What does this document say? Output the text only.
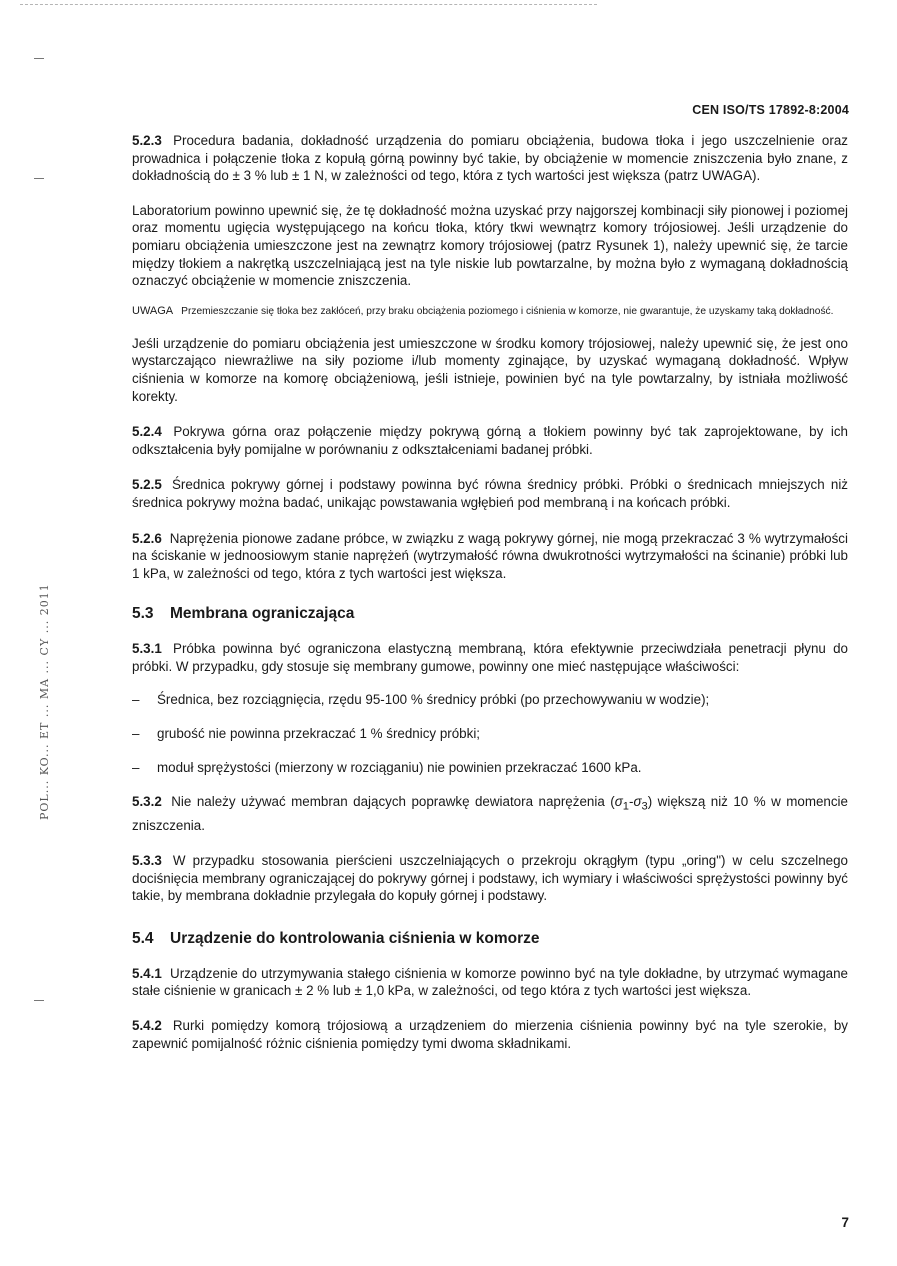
POL... KO... ET ... MA ... CY ... 2011
CEN ISO/TS 17892-8:2004

5.2.3 Procedura badania, dokładność urządzenia do pomiaru obciążenia, budowa tłoka i jego uszczelnienie oraz prowadnica i połączenie tłoka z kopułą górną powinny być takie, by obciążenie w momencie zniszczenia było znane, z dokładnością do ± 3 % lub ± 1 N, w zależności od tego, która z tych wartości jest większa (patrz UWAGA).

Laboratorium powinno upewnić się, że tę dokładność można uzyskać przy najgorszej kombinacji siły pionowej i poziomej oraz momentu ugięcia występującego na końcu tłoka, który tkwi wewnątrz komory trójosiowej. Jeśli urządzenie do pomiaru obciążenia umieszczone jest na zewnątrz komory trójosiowej (patrz Rysunek 1), należy upewnić się, że tarcie między tłokiem a nakrętką uszczelniającą jest na tyle niskie lub powtarzalne, by można było z wymaganą dokładnością oznaczyć obciążenie w momencie zniszczenia.

UWAGA Przemieszczanie się tłoka bez zakłóceń, przy braku obciążenia poziomego i ciśnienia w komorze, nie gwarantuje, że uzyskamy taką dokładność.

Jeśli urządzenie do pomiaru obciążenia jest umieszczone w środku komory trójosiowej, należy upewnić się, że jest ono wystarczająco niewrażliwe na siły poziome i/lub momenty zginające, by uzyskać wymaganą dokładność. Wpływ ciśnienia w komorze na komorę obciążeniową, jeśli istnieje, powinien być na tyle powtarzalny, by istniała możliwość korekty.

5.2.4 Pokrywa górna oraz połączenie między pokrywą górną a tłokiem powinny być tak zaprojektowane, by ich odkształcenia były pomijalne w porównaniu z odkształceniami badanej próbki.

5.2.5 Średnica pokrywy górnej i podstawy powinna być równa średnicy próbki. Próbki o średnicach mniejszych niż średnica pokrywy można badać, unikając powstawania wgłębień pod membraną i na końcach próbki.

5.2.6 Naprężenia pionowe zadane próbce, w związku z wagą pokrywy górnej, nie mogą przekraczać 3 % wytrzymałości na ściskanie w jednoosiowym stanie naprężeń (wytrzymałość równa dwukrotności wytrzymałości na ścinanie) próbki lub 1 kPa, w zależności od tego, która z tych wartości jest większa.

5.3 Membrana ograniczająca

5.3.1 Próbka powinna być ograniczona elastyczną membraną, która efektywnie przeciwdziała penetracji płynu do próbki. W przypadku, gdy stosuje się membrany gumowe, powinny one mieć następujące właściwości:

–	Średnica, bez rozciągnięcia, rzędu 95-100 % średnicy próbki (po przechowywaniu w wodzie);
–	grubość nie powinna przekraczać 1 % średnicy próbki;
–	moduł sprężystości (mierzony w rozciąganiu) nie powinien przekraczać 1600 kPa.

5.3.2 Nie należy używać membran dających poprawkę dewiatora naprężenia $(\sigma_1-\sigma_3)$ większą niż 10 % w momencie zniszczenia.

5.3.3 W przypadku stosowania pierścieni uszczelniających o przekroju okrągłym (typu „oring") w celu szczelnego dociśnięcia membrany ograniczającej do pokrywy górnej i podstawy, ich wymiary i właściwości sprężystości powinny być takie, by membrana dokładnie przylegała do kopuły górnej i podstawy.

5.4 Urządzenie do kontrolowania ciśnienia w komorze

5.4.1 Urządzenie do utrzymywania stałego ciśnienia w komorze powinno być na tyle dokładne, by utrzymać wymagane stałe ciśnienie w granicach ± 2 % lub ± 1,0 kPa, w zależności, od tego która z tych wartości jest większa.

5.4.2 Rurki pomiędzy komorą trójosiową a urządzeniem do mierzenia ciśnienia powinny być na tyle szerokie, by zapewnić pomijalność różnic ciśnienia pomiędzy tymi dwoma składnikami.

7
